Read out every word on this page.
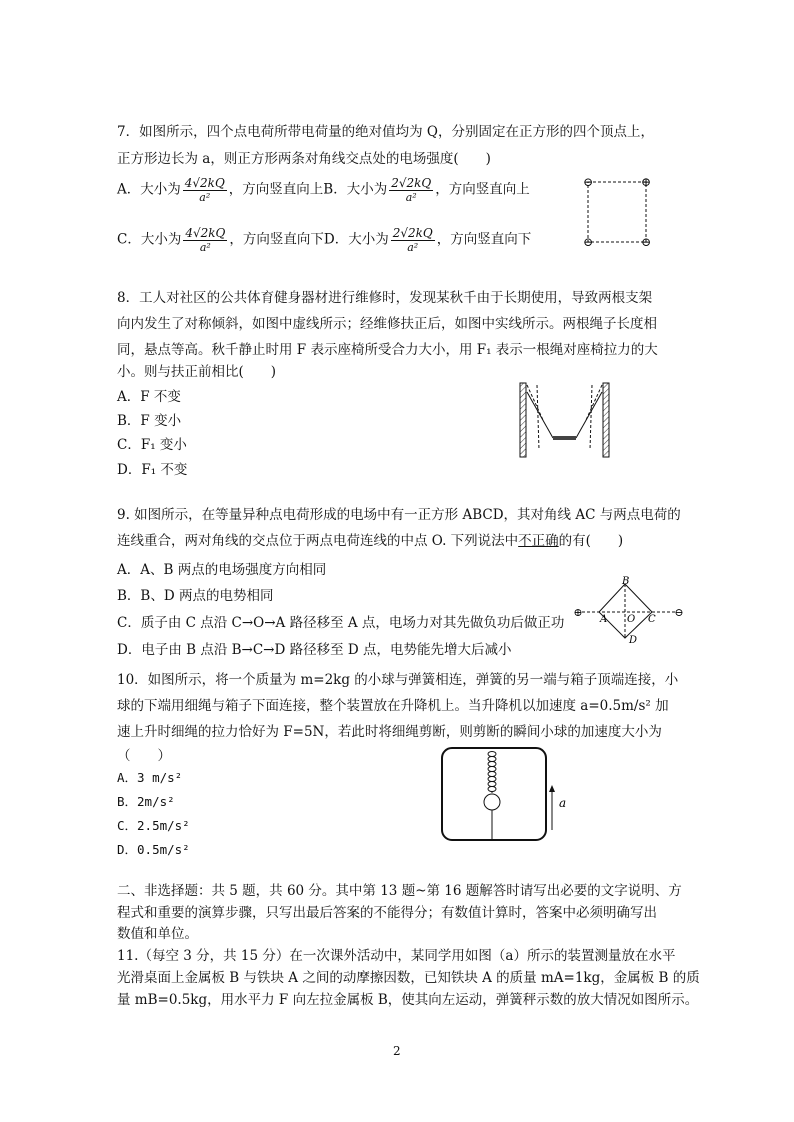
7．如图所示，四个点电荷所带电荷量的绝对值均为 Q，分别固定在正方形的四个顶点上，
正方形边长为 a，则正方形两条对角线交点处的电场强度(　　)
A．大小为 $\frac{4√2kQ}{\text{a²}}$ ，方向竖直向上B．大小为 $\frac{2√2kQ}{\text{a²}}$ ，方向竖直向上
C．大小为 $\frac{4√2kQ}{\text{a²}}$ ，方向竖直向下D．大小为 $\frac{2√2kQ}{\text{a²}}$ ，方向竖直向下
⊖	⊕
⊖	⊖
8．工人对社区的公共体育健身器材进行维修时，发现某秋千由于长期使用，导致两根支架
向内发生了对称倾斜，如图中虚线所示；经维修扶正后，如图中实线所示。两根绳子长度相
同，悬点等高。秋千静止时用 F 表示座椅所受合力大小，用 F₁ 表示一根绳对座椅拉力的大
小。则与扶正前相比(　　)
A．F 不变
B．F 变小
C．F₁ 变小
D．F₁ 不变
9. 如图所示，在等量异种点电荷形成的电场中有一正方形 ABCD，其对角线 AC 与两点电荷的
连线重合，两对角线的交点位于两点电荷连线的中点 O. 下列说法中不正确的有(　　)
A．A、B 两点的电场强度方向相同
B．B、D 两点的电势相同
C．质子由 C 点沿 C→O→A 路径移至 A 点，电场力对其先做负功后做正功
D．电子由 B 点沿 B→C→D 路径移至 D 点，电势能先增大后减小
⊕	⊖
B
A O C
D
10．如图所示，将一个质量为 m=2kg 的小球与弹簧相连，弹簧的另一端与箱子顶端连接，小
球的下端用细绳与箱子下面连接，整个装置放在升降机上。当升降机以加速度 a=0.5m/s² 加
速上升时细绳的拉力恰好为 F=5N，若此时将细绳剪断，则剪断的瞬间小球的加速度大小为
（　　）
A．3 m/s²
B．2m/s²
C．2.5m/s²
D．0.5m/s²
a
二、非选择题：共 5 题，共 60 分。其中第 13 题~第 16 题解答时请写出必要的文字说明、方
程式和重要的演算步骤，只写出最后答案的不能得分；有数值计算时，答案中必须明确写出
数值和单位。
11.（每空 3 分，共 15 分）在一次课外活动中，某同学用如图（a）所示的装置测量放在水平
光滑桌面上金属板 B 与铁块 A 之间的动摩擦因数，已知铁块 A 的质量 mA=1kg，金属板 B 的质
量 mB=0.5kg，用水平力 F 向左拉金属板 B，使其向左运动，弹簧秤示数的放大情况如图所示。
2
